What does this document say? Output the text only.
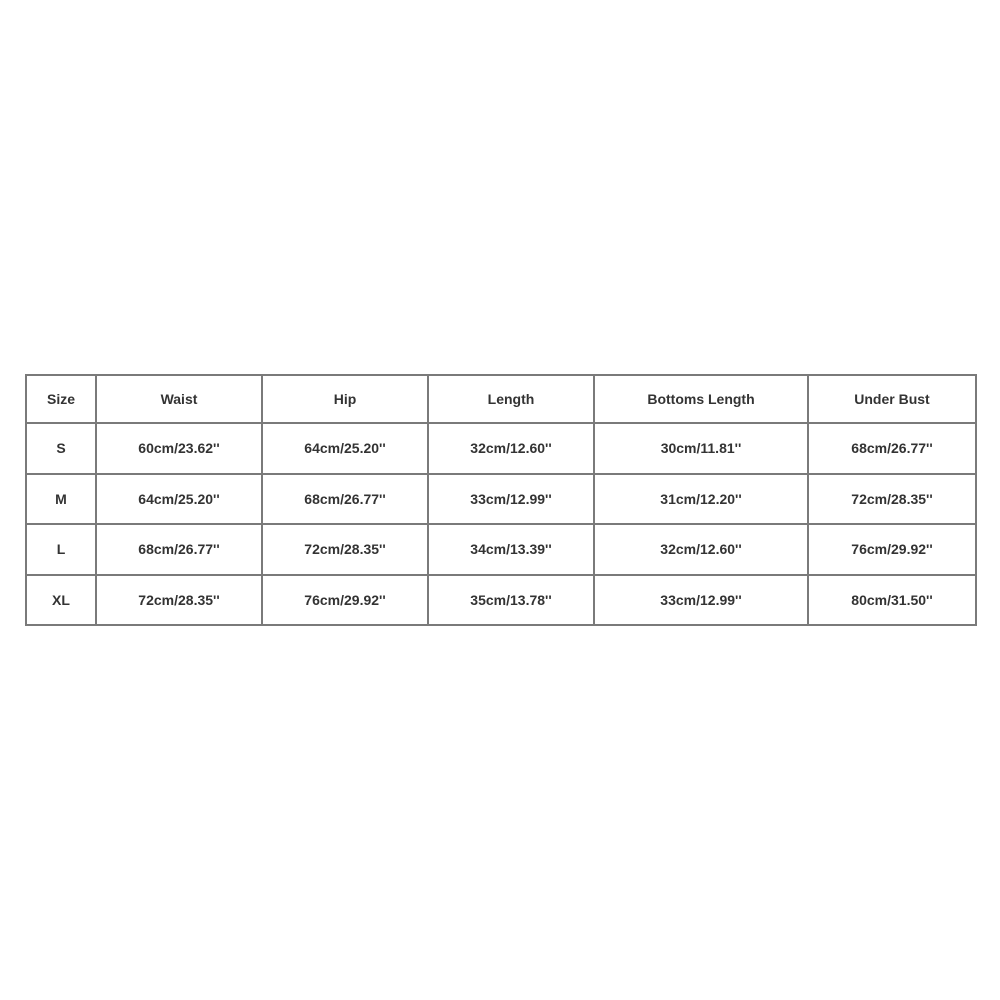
Size	Waist	Hip	Length	Bottoms Length	Under Bust
S	60cm/23.62''	64cm/25.20''	32cm/12.60''	30cm/11.81''	68cm/26.77''
M	64cm/25.20''	68cm/26.77''	33cm/12.99''	31cm/12.20''	72cm/28.35''
L	68cm/26.77''	72cm/28.35''	34cm/13.39''	32cm/12.60''	76cm/29.92''
XL	72cm/28.35''	76cm/29.92''	35cm/13.78''	33cm/12.99''	80cm/31.50''
